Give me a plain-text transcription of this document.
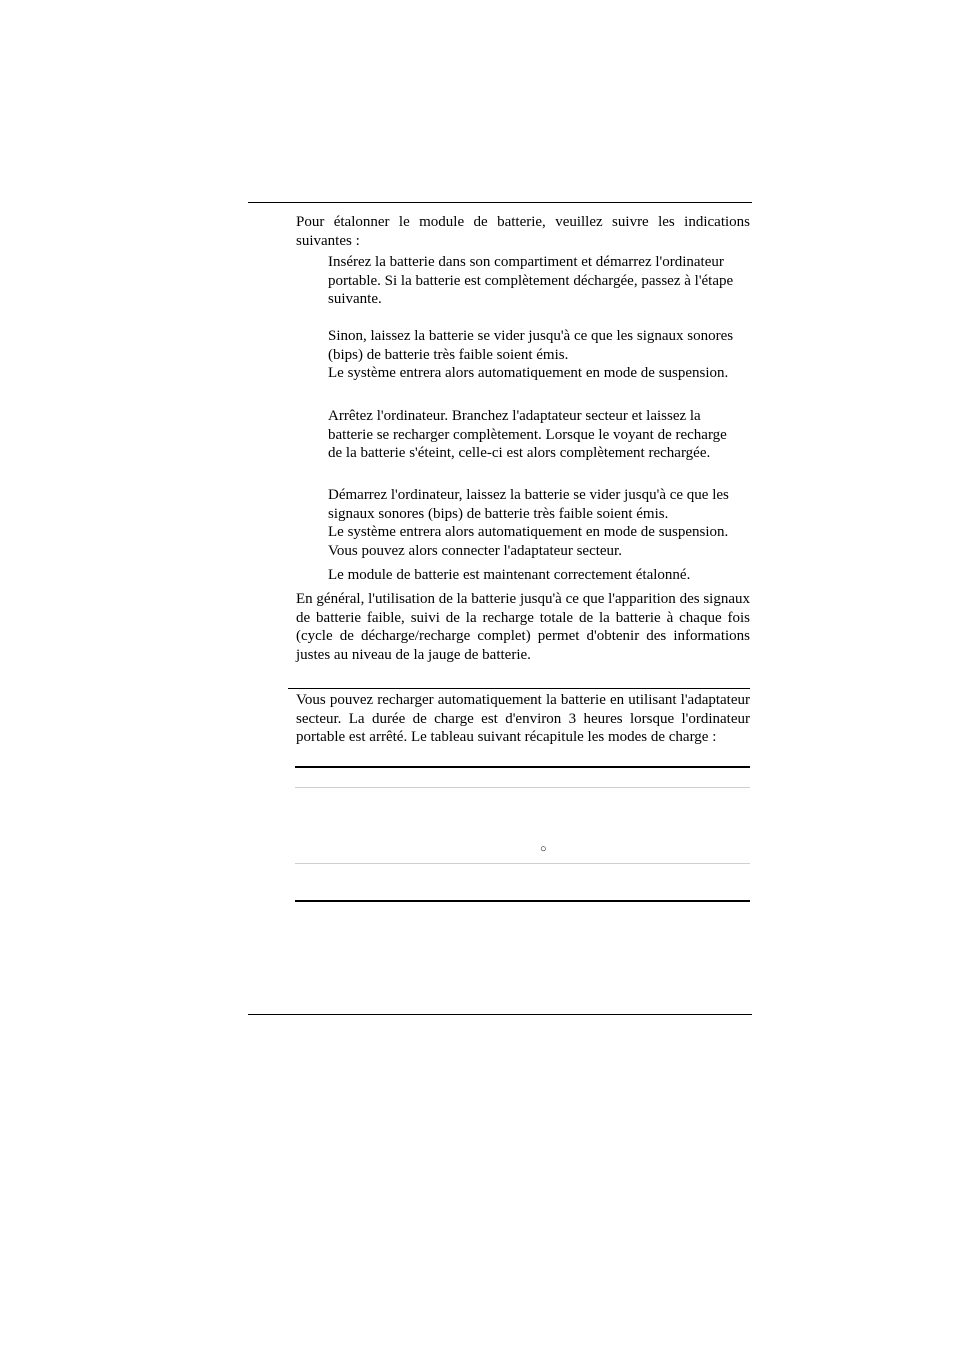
Pour étalonner le module de batterie, veuillez suivre les indications suivantes :

Insérez la batterie dans son compartiment et démarrez l'ordinateur portable. Si la batterie est complètement déchargée, passez à l'étape suivante.

Sinon, laissez la batterie se vider jusqu'à ce que les signaux sonores (bips) de batterie très faible soient émis.
Le système entrera alors automatiquement en mode de suspension.

Arrêtez l'ordinateur. Branchez l'adaptateur secteur et laissez la batterie se recharger complètement. Lorsque le voyant de recharge de la batterie s'éteint, celle-ci est alors complètement rechargée.

Démarrez l'ordinateur, laissez la batterie se vider jusqu'à ce que les signaux sonores (bips) de batterie très faible soient émis.
Le système entrera alors automatiquement en mode de suspension. Vous pouvez alors connecter l'adaptateur secteur.

Le module de batterie est maintenant correctement étalonné.

En général, l'utilisation de la batterie jusqu'à ce que l'apparition des signaux de batterie faible, suivi de la recharge totale de la batterie à chaque fois (cycle de décharge/recharge complet) permet d'obtenir des informations justes au niveau de la jauge de batterie.

Vous pouvez recharger automatiquement la batterie en utilisant l'adaptateur secteur. La durée de charge est d'environ 3 heures lorsque l'ordinateur portable est arrêté. Le tableau suivant récapitule les modes de charge :

○
